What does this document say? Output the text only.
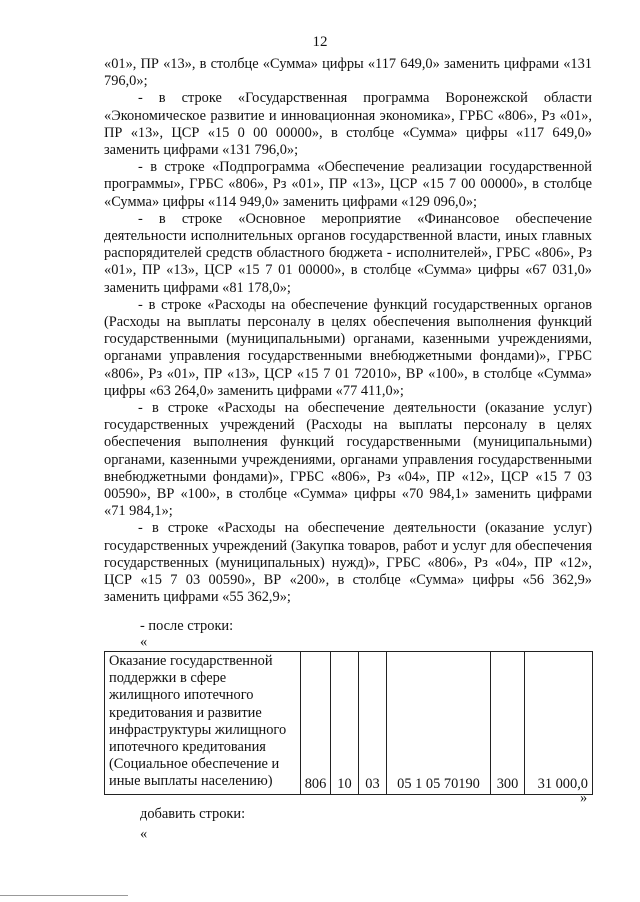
12

«01», ПР «13», в столбце «Сумма» цифры «117 649,0» заменить цифрами «131 796,0»;

- в строке «Государственная программа Воронежской области «Экономическое развитие и инновационная экономика», ГРБС «806», Рз «01», ПР «13», ЦСР «15 0 00 00000», в столбце «Сумма» цифры «117 649,0» заменить цифрами «131 796,0»;

- в строке «Подпрограмма «Обеспечение реализации государственной программы», ГРБС «806», Рз «01», ПР «13», ЦСР «15 7 00 00000», в столбце «Сумма» цифры «114 949,0» заменить цифрами «129 096,0»;

- в строке «Основное мероприятие «Финансовое обеспечение деятельности исполнительных органов государственной власти, иных главных распорядителей средств областного бюджета - исполнителей», ГРБС «806», Рз «01», ПР «13», ЦСР «15 7 01 00000», в столбце «Сумма» цифры «67 031,0» заменить цифрами «81 178,0»;

- в строке «Расходы на обеспечение функций государственных органов (Расходы на выплаты персоналу в целях обеспечения выполнения функций государственными (муниципальными) органами, казенными учреждениями, органами управления государственными внебюджетными фондами)», ГРБС «806», Рз «01», ПР «13», ЦСР «15 7 01 72010», ВР «100», в столбце «Сумма» цифры «63 264,0» заменить цифрами «77 411,0»;

- в строке «Расходы на обеспечение деятельности (оказание услуг) государственных учреждений (Расходы на выплаты персоналу в целях обеспечения выполнения функций государственными (муниципальными) органами, казенными учреждениями, органами управления государственными внебюджетными фондами)», ГРБС «806», Рз «04», ПР «12», ЦСР «15 7 03 00590», ВР «100», в столбце «Сумма» цифры «70 984,1» заменить цифрами «71 984,1»;

- в строке «Расходы на обеспечение деятельности (оказание услуг) государственных учреждений (Закупка товаров, работ и услуг для обеспечения государственных (муниципальных) нужд)», ГРБС «806», Рз «04», ПР «12», ЦСР «15 7 03 00590», ВР «200», в столбце «Сумма» цифры «56 362,9» заменить цифрами «55 362,9»;

- после строки:
«
Оказание государственной поддержки в сфере жилищного ипотечного кредитования и развитие инфраструктуры жилищного ипотечного кредитования (Социальное обеспечение и иные выплаты населению)	806	10	03	05 1 05 70190	300	31 000,0
»
добавить строки:
«
